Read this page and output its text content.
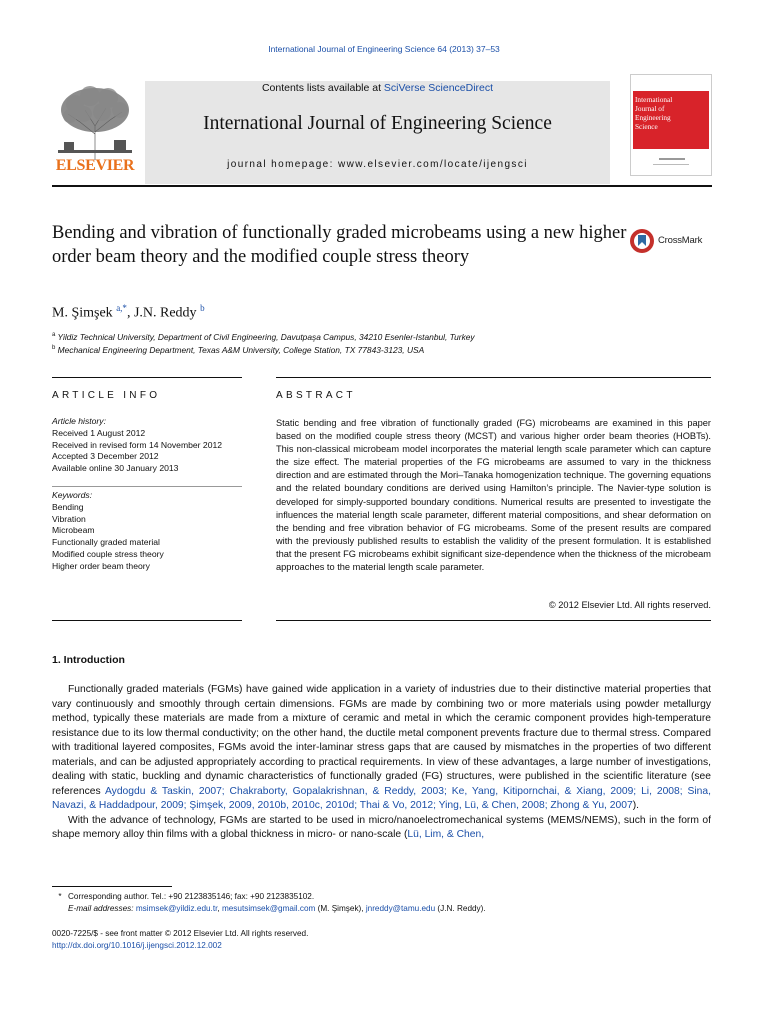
International Journal of Engineering Science 64 (2013) 37–53
ELSEVIER
Contents lists available at SciVerse ScienceDirect
International Journal of Engineering Science
journal homepage: www.elsevier.com/locate/ijengsci
International
Journal of
Engineering
Science
Bending and vibration of functionally graded microbeams using a new higher order beam theory and the modified couple stress theory
CrossMark
M. Şimşek $^{a,*}$, J.N. Reddy $^b$
$^a$ Yildiz Technical University, Department of Civil Engineering, Davutpaşa Campus, 34210 Esenler-Istanbul, Turkey
$^b$ Mechanical Engineering Department, Texas A&M University, College Station, TX 77843-3123, USA
ARTICLE INFO	ABSTRACT
Article history:
Received 1 August 2012
Received in revised form 14 November 2012
Accepted 3 December 2012
Available online 30 January 2013
Keywords:
Bending
Vibration
Microbeam
Functionally graded material
Modified couple stress theory
Higher order beam theory
Static bending and free vibration of functionally graded (FG) microbeams are examined in this paper based on the modified couple stress theory (MCST) and various higher order beam theories (HOBTs). This non-classical microbeam model incorporates the material length scale parameter which can capture the size effect. The material properties of the FG microbeams are assumed to vary in the thickness direction and are estimated through the Mori–Tanaka homogenization technique. The governing equations and the related boundary conditions are derived using Hamilton’s principle. The Navier-type solution is developed for simply-supported boundary conditions. Numerical results are presented to investigate the influences the material length scale parameter, different material compositions, and shear deformation on the bending and free vibration behavior of FG microbeams. Some of the present results are compared with the previously published results to establish the validity of the present formulation. It is established that the present FG microbeams exhibit significant size-dependence when the thickness of the microbeam approaches to the material length scale parameter.
© 2012 Elsevier Ltd. All rights reserved.
1. Introduction

Functionally graded materials (FGMs) have gained wide application in a variety of industries due to their distinctive material properties that vary continuously and smoothly through certain dimensions. FGMs are made by combining two or more materials using powder metallurgy method, typically these materials are made from a mixture of ceramic and metal in which the ceramic component provides high-temperature resistance due to its low thermal conductivity; on the other hand, the ductile metal component prevents fracture due to thermal stress. Compared with traditional layered composites, FGMs avoid the inter-laminar stress gaps that are caused by mismatches in the properties of two different materials, and can be adjusted appropriately according to practical requirements. In view of these advantages, a large number of investigations, dealing with static, buckling and dynamic characteristics of functionally graded (FG) structures, were published in the scientific literature (see references Aydogdu & Taskin, 2007; Chakraborty, Gopalakrishnan, & Reddy, 2003; Ke, Yang, Kitipornchai, & Xiang, 2009; Li, 2008; Sina, Navazi, & Haddadpour, 2009; Şimşek, 2009, 2010b, 2010c, 2010d; Thai & Vo, 2012; Ying, Lü, & Chen, 2008; Zhong & Yu, 2007).

With the advance of technology, FGMs are started to be used in micro/nanoelectromechanical systems (MEMS/NEMS), such in the form of shape memory alloy thin films with a global thickness in micro- or nano-scale (Lü, Lim, & Chen,

* Corresponding author. Tel.: +90 2123835146; fax: +90 2123835102.
E-mail addresses: msimsek@yildiz.edu.tr, mesutsimsek@gmail.com (M. Şimşek), jnreddy@tamu.edu (J.N. Reddy).
0020-7225/$ - see front matter © 2012 Elsevier Ltd. All rights reserved.
http://dx.doi.org/10.1016/j.ijengsci.2012.12.002
